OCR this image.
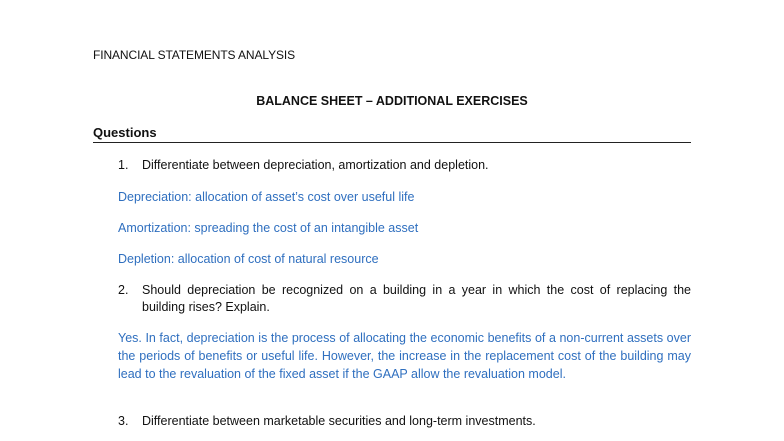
FINANCIAL STATEMENTS ANALYSIS
BALANCE SHEET – ADDITIONAL EXERCISES
Questions
1.	Differentiate between depreciation, amortization and depletion.
Depreciation: allocation of asset’s cost over useful life
Amortization: spreading the cost of an intangible asset
Depletion: allocation of cost of natural resource
2.	Should depreciation be recognized on a building in a year in which the cost of replacing the building rises? Explain.
Yes. In fact, depreciation is the process of allocating the economic benefits of a non-current assets over the periods of benefits or useful life. However, the increase in the replacement cost of the building may lead to the revaluation of the fixed asset if the GAAP allow the revaluation model.
3.	Differentiate between marketable securities and long-term investments.
